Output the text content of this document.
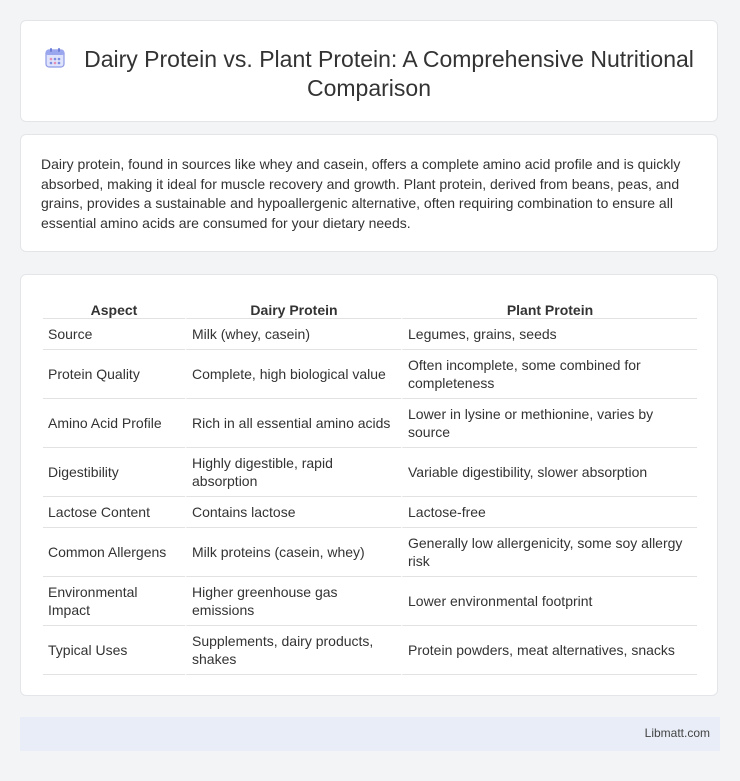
Dairy Protein vs. Plant Protein: A Comprehensive Nutritional Comparison

Dairy protein, found in sources like whey and casein, offers a complete amino acid profile and is quickly absorbed, making it ideal for muscle recovery and growth. Plant protein, derived from beans, peas, and grains, provides a sustainable and hypoallergenic alternative, often requiring combination to ensure all essential amino acids are consumed for your dietary needs.

Aspect	Dairy Protein	Plant Protein
Source	Milk (whey, casein)	Legumes, grains, seeds
Protein Quality	Complete, high biological value	Often incomplete, some combined for completeness
Amino Acid Profile	Rich in all essential amino acids	Lower in lysine or methionine, varies by source
Digestibility	Highly digestible, rapid absorption	Variable digestibility, slower absorption
Lactose Content	Contains lactose	Lactose-free
Common Allergens	Milk proteins (casein, whey)	Generally low allergenicity, some soy allergy risk
Environmental Impact	Higher greenhouse gas emissions	Lower environmental footprint
Typical Uses	Supplements, dairy products, shakes	Protein powders, meat alternatives, snacks
Libmatt.com
